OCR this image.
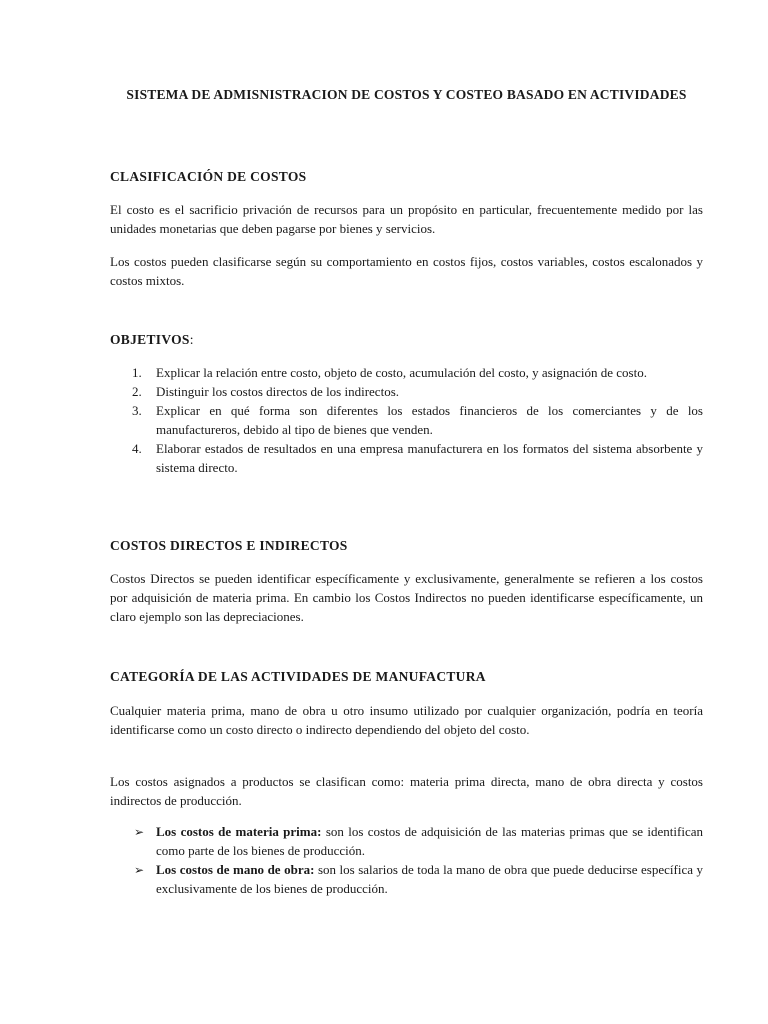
SISTEMA DE ADMISNISTRACION DE COSTOS Y COSTEO BASADO EN ACTIVIDADES
CLASIFICACIÓN DE COSTOS

El costo es el sacrificio privación de recursos para un propósito en particular, frecuentemente medido por las unidades monetarias que deben pagarse por bienes y servicios.

Los costos pueden clasificarse según su comportamiento en costos fijos, costos variables, costos escalonados y costos mixtos.

OBJETIVOS:
1. Explicar la relación entre costo, objeto de costo, acumulación del costo, y asignación de costo.
2. Distinguir los costos directos de los indirectos.
3. Explicar en qué forma son diferentes los estados financieros de los comerciantes y de los manufactureros, debido al tipo de bienes que venden.
4. Elaborar estados de resultados en una empresa manufacturera en los formatos del sistema absorbente y sistema directo.
COSTOS DIRECTOS E INDIRECTOS

Costos Directos se pueden identificar específicamente y exclusivamente, generalmente se refieren a los costos por adquisición de materia prima. En cambio los Costos Indirectos no pueden identificarse específicamente, un claro ejemplo son las depreciaciones.

CATEGORÍA DE LAS ACTIVIDADES DE MANUFACTURA

Cualquier materia prima, mano de obra u otro insumo utilizado por cualquier organización, podría en teoría identificarse como un costo directo o indirecto dependiendo del objeto del costo.

Los costos asignados a productos se clasifican como: materia prima directa, mano de obra directa y costos indirectos de producción.

➢ Los costos de materia prima: son los costos de adquisición de las materias primas que se identifican como parte de los bienes de producción.
➢ Los costos de mano de obra: son los salarios de toda la mano de obra que puede deducirse específica y exclusivamente de los bienes de producción.
